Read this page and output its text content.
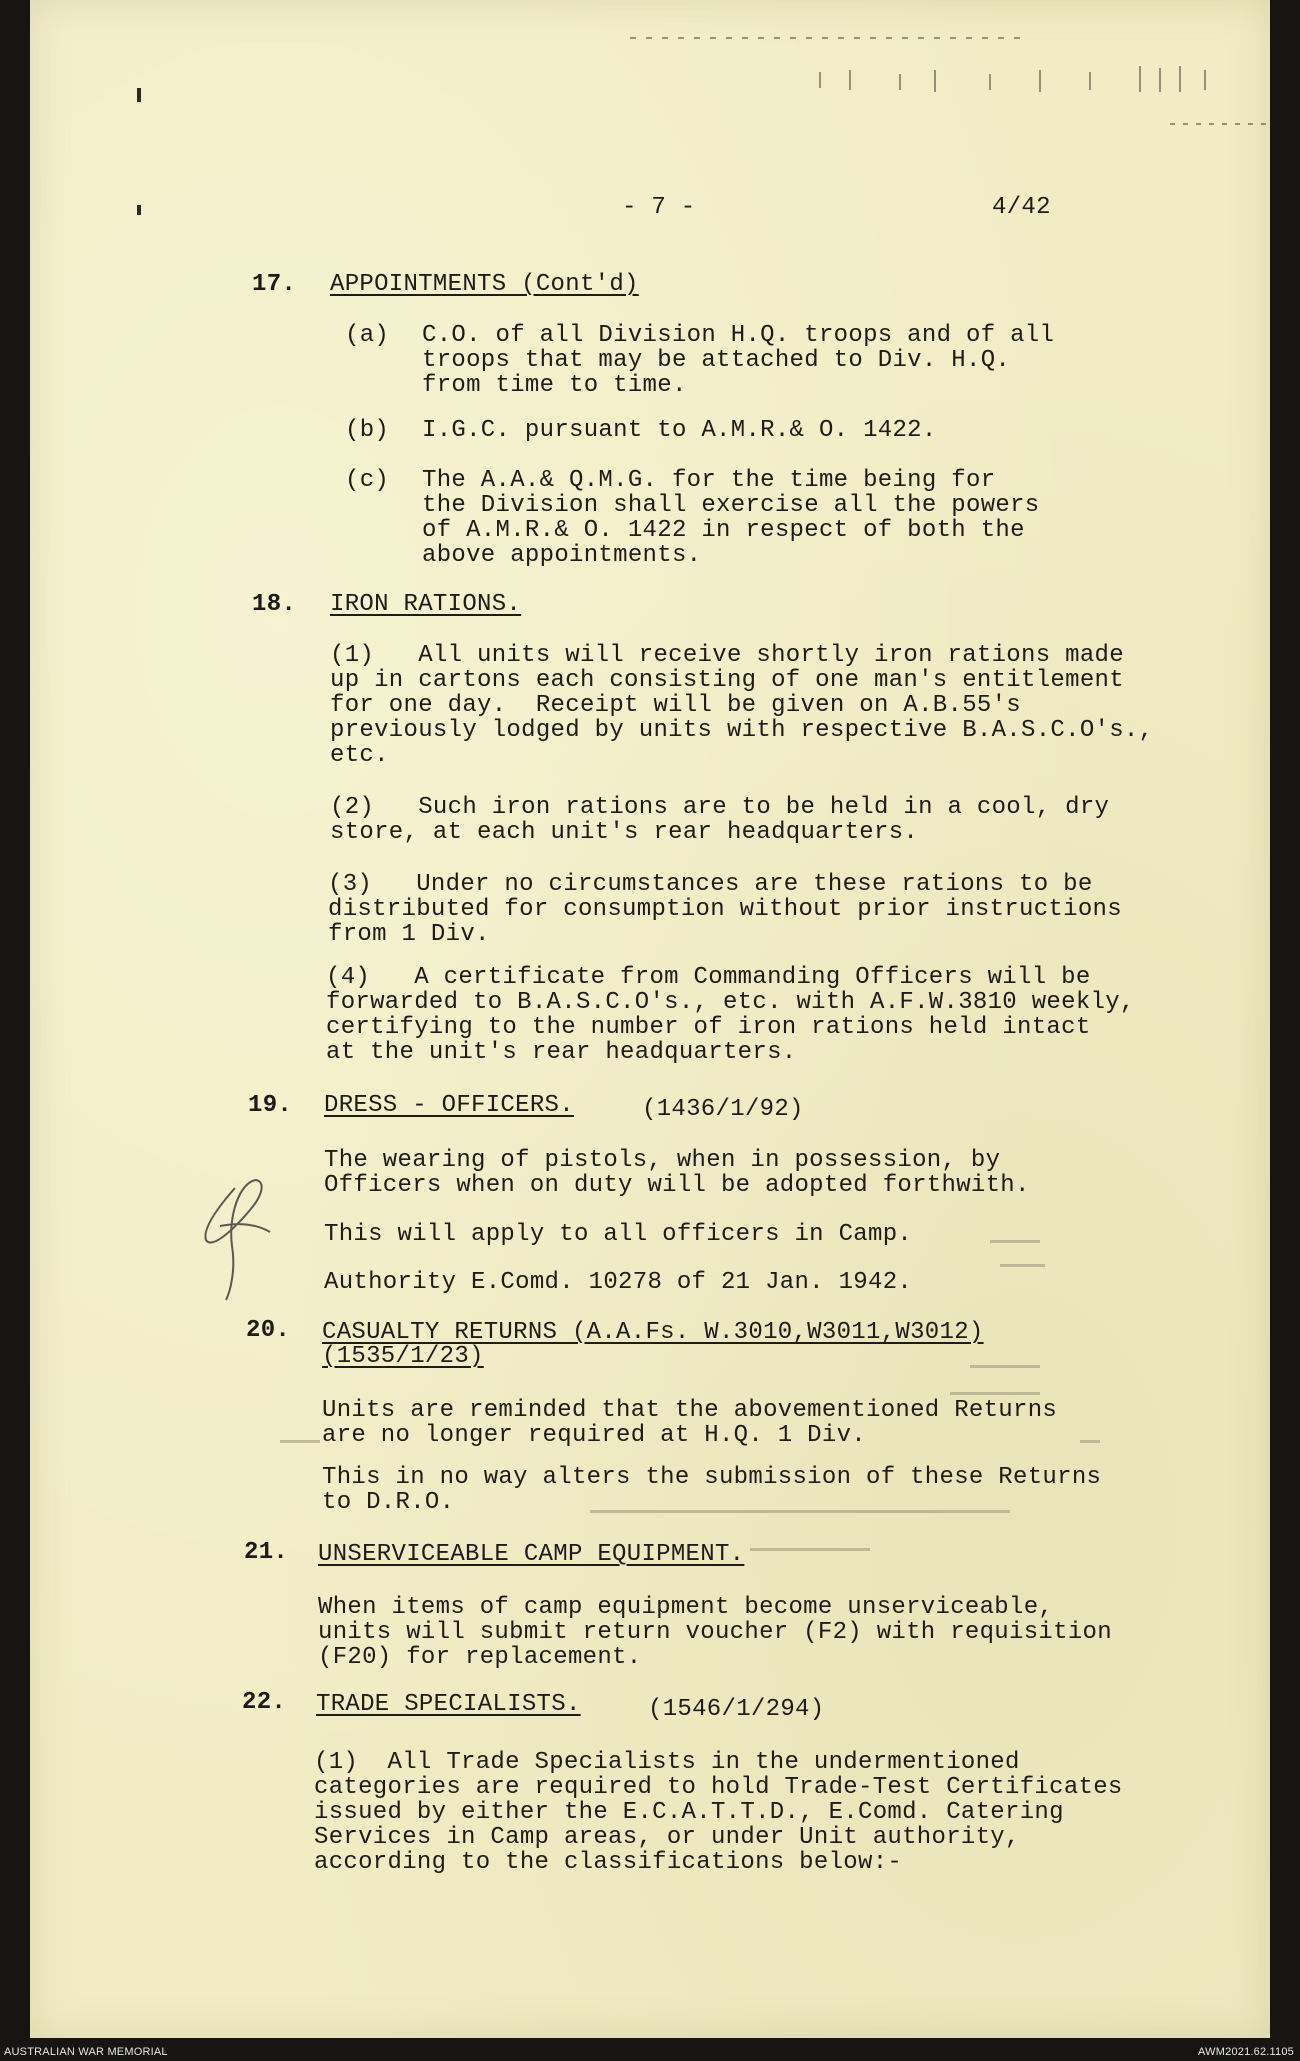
- 7 -	4/42
17. APPOINTMENTS (Cont'd)
(a) C.O. of all Division H.Q. troops and of all
troops that may be attached to Div. H.Q.
from time to time.
(b) I.G.C. pursuant to A.M.R.& O. 1422.
(c) The A.A.& Q.M.G. for the time being for
the Division shall exercise all the powers
of A.M.R.& O. 1422 in respect of both the
above appointments.
18. IRON RATIONS.
(1)   All units will receive shortly iron rations made
up in cartons each consisting of one man's entitlement
for one day.  Receipt will be given on A.B.55's
previously lodged by units with respective B.A.S.C.O's.,
etc.
(2)   Such iron rations are to be held in a cool, dry
store, at each unit's rear headquarters.
(3)   Under no circumstances are these rations to be
distributed for consumption without prior instructions
from 1 Div.
(4)   A certificate from Commanding Officers will be
forwarded to B.A.S.C.O's., etc. with A.F.W.3810 weekly,
certifying to the number of iron rations held intact
at the unit's rear headquarters.
19. DRESS - OFFICERS.	(1436/1/92)
The wearing of pistols, when in possession, by
Officers when on duty will be adopted forthwith.
This will apply to all officers in Camp.
Authority E.Comd. 10278 of 21 Jan. 1942.
20. CASUALTY RETURNS (A.A.Fs. W.3010,W3011,W3012)
(1535/1/23)
Units are reminded that the abovementioned Returns
are no longer required at H.Q. 1 Div.
This in no way alters the submission of these Returns
to D.R.O.
21. UNSERVICEABLE CAMP EQUIPMENT.
When items of camp equipment become unserviceable,
units will submit return voucher (F2) with requisition
(F20) for replacement.
22. TRADE SPECIALISTS.	(1546/1/294)
(1)  All Trade Specialists in the undermentioned
categories are required to hold Trade-Test Certificates
issued by either the E.C.A.T.T.D., E.Comd. Catering
Services in Camp areas, or under Unit authority,
according to the classifications below:-
AUSTRALIAN WAR MEMORIAL	AWM2021.62.1105
